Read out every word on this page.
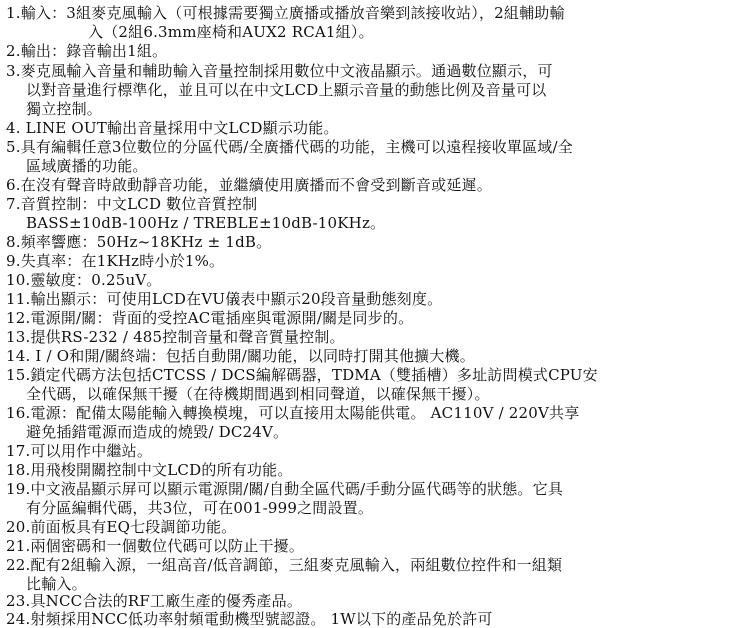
1.輸入：3組麥克風輸入（可根據需要獨立廣播或播放音樂到該接收站），2組輔助輸
入（2組6.3mm座椅和AUX2 RCA1組）。
2.輸出：錄音輸出1組。
3.麥克風輸入音量和輔助輸入音量控制採用數位中文液晶顯示。通過數位顯示，可
以對音量進行標準化，並且可以在中文LCD上顯示音量的動態比例及音量可以
獨立控制。
4. LINE OUT輸出音量採用中文LCD顯示功能。
5.具有編輯任意3位數位的分區代碼/全廣播代碼的功能，主機可以遠程接收單區域/全
區域廣播的功能。
6.在沒有聲音時啟動靜音功能，並繼續使用廣播而不會受到斷音或延遲。
7.音質控制：中文LCD 數位音質控制
BASS±10dB-100Hz / TREBLE±10dB-10KHz。
8.頻率響應：50Hz~18KHz ± 1dB。
9.失真率：在1KHz時小於1%。
10.靈敏度：0.25uV。
11.輸出顯示：可使用LCD在VU儀表中顯示20段音量動態刻度。
12.電源開/關：背面的受控AC電插座與電源開/關是同步的。
13.提供RS-232 / 485控制音量和聲音質量控制。
14. I / O和開/關終端：包括自動開/關功能，以同時打開其他擴大機。
15.鎖定代碼方法包括CTCSS / DCS編解碼器，TDMA（雙插槽）多址訪問模式CPU安
全代碼，以確保無干擾（在待機期間遇到相同聲道，以確保無干擾）。
16.電源：配備太陽能輸入轉換模塊，可以直接用太陽能供電。 AC110V / 220V共享
避免插錯電源而造成的燒毀/ DC24V。
17.可以用作中繼站。
18.用飛梭開關控制中文LCD的所有功能。
19.中文液晶顯示屏可以顯示電源開/關/自動全區代碼/手動分區代碼等的狀態。它具
有分區編輯代碼，共3位，可在001-999之間設置。
20.前面板具有EQ七段調節功能。
21.兩個密碼和一個數位代碼可以防止干擾。
22.配有2組輸入源，一組高音/低音調節，三組麥克風輸入，兩組數位控件和一組類
比輸入。
23.具NCC合法的RF工廠生產的優秀產品。
24.射頻採用NCC低功率射頻電動機型號認證。 1W以下的產品免於許可
